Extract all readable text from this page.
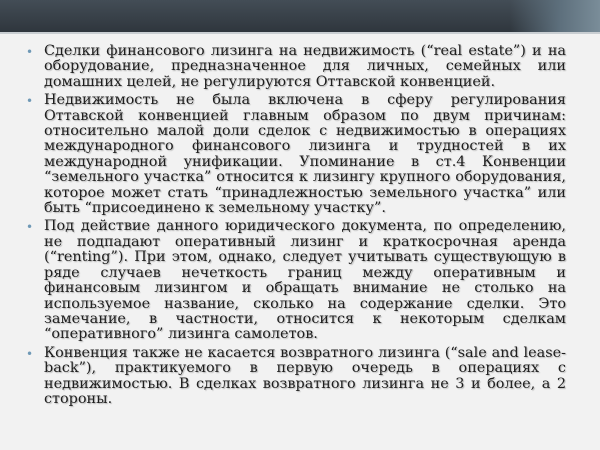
• Сделки финансового лизинга на недвижимость (“real estate”) и на оборудование, предназначенное для личных, семейных или домашних целей, не регулируются Оттавской конвенцией.
• Недвижимость не была включена в сферу регулирования Оттавской конвенцией главным образом по двум причинам: относительно малой доли сделок с недвижимостью в операциях международного финансового лизинга и трудностей в их международной унификации. Упоминание в ст.4 Конвенции “земельного участка” относится к лизингу крупного оборудования, которое может стать “принадлежностью земельного участка” или быть “присоединено к земельному участку”.
• Под действие данного юридического документа, по определению, не подпадают оперативный лизинг и краткосрочная аренда (“renting”). При этом, однако, следует учитывать существующую в ряде случаев нечеткость границ между оперативным и финансовым лизингом и обращать внимание не столько на используемое название, сколько на содержание сделки. Это замечание, в частности, относится к некоторым сделкам “оперативного” лизинга самолетов.
• Конвенция также не касается возвратного лизинга (“sale and lease-back”), практикуемого в первую очередь в операциях с недвижимостью. В сделках возвратного лизинга не 3 и более, а 2 стороны.
